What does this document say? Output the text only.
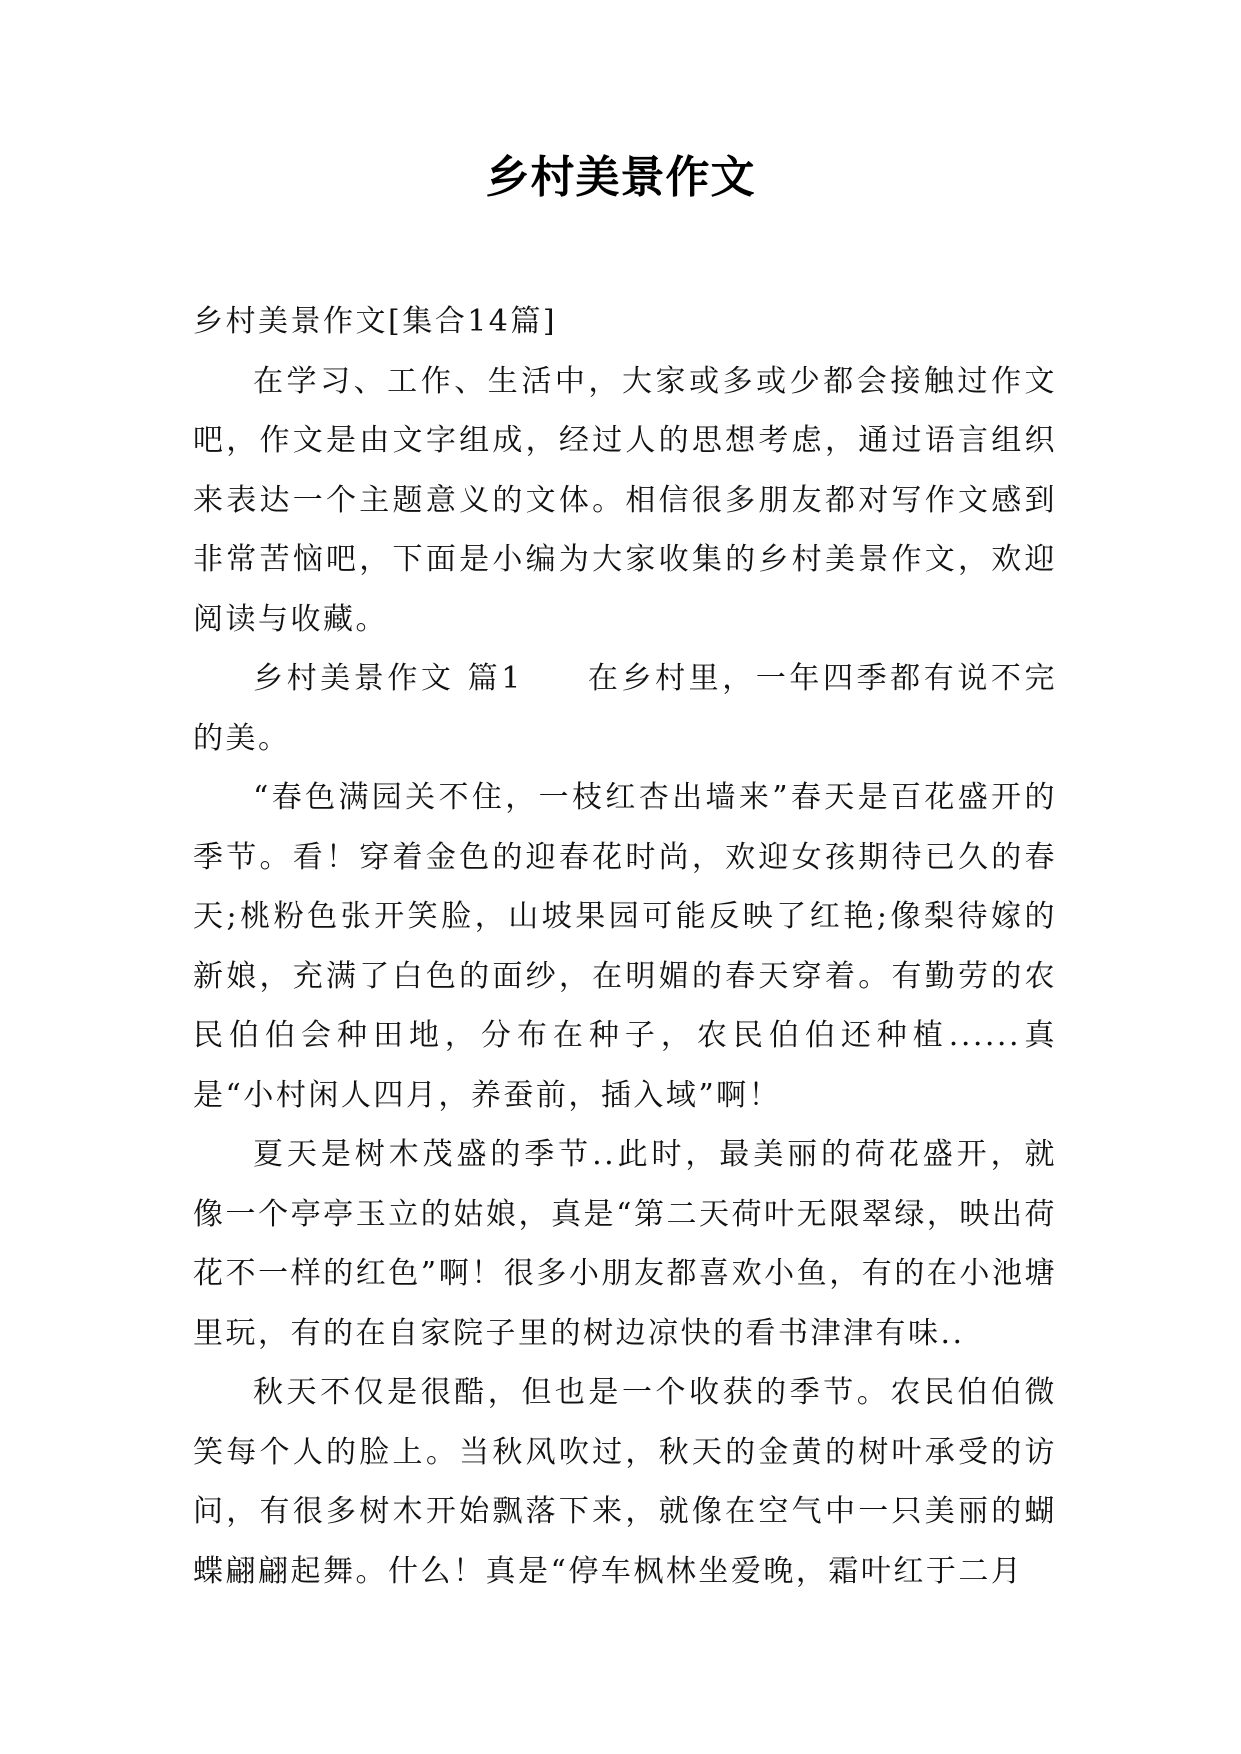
乡村美景作文

乡村美景作文[集合14篇]

在学习、工作、生活中，大家或多或少都会接触过作文吧，作文是由文字组成，经过人的思想考虑，通过语言组织来表达一个主题意义的文体。相信很多朋友都对写作文感到非常苦恼吧，下面是小编为大家收集的乡村美景作文，欢迎阅读与收藏。

乡村美景作文 篇1 在乡村里，一年四季都有说不完的美。

“春色满园关不住，一枝红杏出墙来”春天是百花盛开的季节。看！穿着金色的迎春花时尚，欢迎女孩期待已久的春天;桃粉色张开笑脸，山坡果园可能反映了红艳;像梨待嫁的新娘，充满了白色的面纱，在明媚的春天穿着。有勤劳的农民伯伯会种田地，分布在种子，农民伯伯还种植......真是“小村闲人四月，养蚕前，插入域”啊！

夏天是树木茂盛的季节..此时，最美丽的荷花盛开，就像一个亭亭玉立的姑娘，真是“第二天荷叶无限翠绿，映出荷花不一样的红色”啊！很多小朋友都喜欢小鱼，有的在小池塘里玩，有的在自家院子里的树边凉快的看书津津有味..

秋天不仅是很酷，但也是一个收获的季节。农民伯伯微笑每个人的脸上。当秋风吹过，秋天的金黄的树叶承受的访问，有很多树木开始飘落下来，就像在空气中一只美丽的蝴蝶翩翩起舞。什么！真是“停车枫林坐爱晚，霜叶红于二月
